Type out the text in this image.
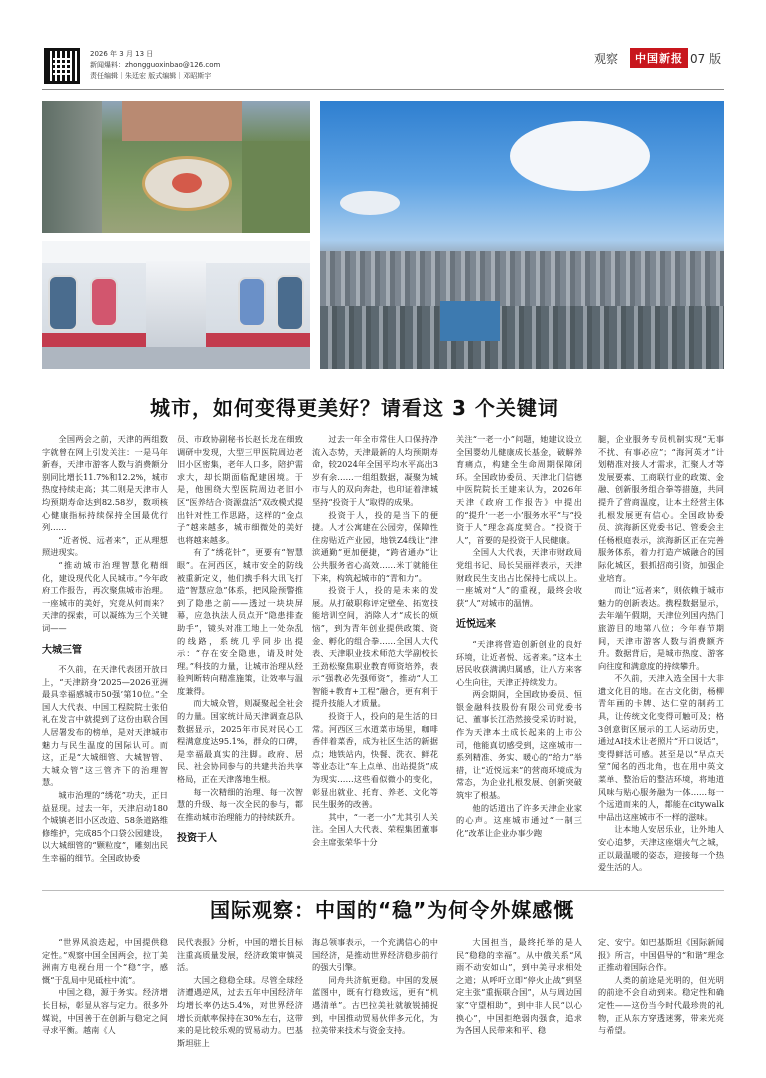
2026 年 3 月 13 日
新闻爆料：zhongguoxinbao@126.com
责任编辑｜朱廷宏 版式编辑｜邓昭斯宇
观察	中国新报 07 版
城市，如何变得更美好？请看这 3 个关键词

全国两会之前，天津的两组数字就曾在网上引发关注：一是马年新春，天津市游客人数与消费额分别同比增长11.7%和12.2%，城市热度持续走高；其二则是天津市人均预期寿命达到82.58岁，数项核心健康指标持续保持全国最优行列……

“近者悦、远者来”，正从理想照进现实。

“推动城市治理智慧化精细化，建设现代化人民城市。”今年政府工作报告，再次聚焦城市治理。一座城市的美好，究竟从何而来？天津的探索，可以凝练为三个关键词——

大城三管

不久前，在天津代表团开放日上，“天津跻身‘2025—2026亚洲最具幸福感城市50强’第10位。”全国人大代表、中国工程院院士张伯礼在发言中就提到了这份由联合国人居署发布的榜单，是对天津城市魅力与民生温度的国际认可。而这，正是“大城细管、大城智管、大城众管”这三管齐下的治理智慧。

城市治理的“绣花”功夫，正日益显现。过去一年，天津启动180个城镇老旧小区改造、58条道路维修维护，完成85个口袋公园建设，以大城细管的“颗粒度”，雕刻出民生幸福的细节。全国政协委

员、市政协副秘书长赵长龙在细致调研中发现，大型三甲医院周边老旧小区密集，老年人口多，陪护需求大，却长期面临配建困境。于是，他围绕大型医院周边老旧小区“医养结合·资源盘活”双改模式提出针对性工作思路，这样的“金点子”越来越多，城市细微处的美好也将越来越多。

有了“绣花针”，更要有“智慧眼”。在河西区，城市安全的防线被重新定义，他们携手科大讯飞打造“智慧应急”体系，把风险预警推到了隐患之前——透过一块块屏幕，应急执法人员点开“隐患排查助手”，镜头对准工地上一处杂乱的线路，系统几乎同步出提示：“存在安全隐患，请及时处理。”科技的力量，让城市治理从经验判断转向精准施策，让效率与温度兼得。

而大城众管，则凝聚起全社会的力量。国家统计局天津调查总队数据显示，2025年市民对民心工程满意度达95.1%，群众的口碑，是幸福最真实的注脚。政府、居民、社会协同参与的共建共治共享格局，正在天津落地生根。

每一次精细的治理、每一次智慧的升级、每一次全民的参与，都在推动城市治理能力的持续跃升。

投资于人

过去一年全市常住人口保持净流入态势，天津最新的人均预期寿命，较2024年全国平均水平高出3岁有余……一组组数据，凝聚为城市与人的双向奔赴，也印证着津城坚持“投资于人”取得的成果。

投资于人，投的是当下的便捷。人才公寓建在公园旁，保障性住房贴近产业园，地铁Z4线让“津滨通勤”更加便捷，“跨省通办”让公共服务省心高效……米丁就能住下来，构筑起城市的“青和力”。

投资于人，投的是未来的发展。从打破职称评定壁垒、拓宽技能培训空间，消除人才“成长的烦恼”，到为青年创业提供政策、资金、孵化的组合拳……全国人大代表、天津职业技术师范大学副校长王劲松聚焦职业教育师资培养，表示“强教必先强师资”，推动“人工智能+教育+工程”融合，更有利于提升技能人才质量。

投资于人，投向的是生活的日常。河西区三水道菜市场里，咖啡香伴着菜香，成为社区生活的新据点；地铁站内，快餐、洗衣、鲜花等业态让“车上点单、出站提货”成为现实……这些看似微小的变化，彰显出就业、托育、养老、文化等民生服务的改善。

其中，“一老一小”尤其引人关注。全国人大代表、荣程集团董事会主席张荣华十分

关注“一老一小”问题，她建议设立全国婴幼儿健康成长基金，破解养育痛点，构建全生命周期保障闭环。全国政协委员、天津北门信德中医院院长王建来认为，2026年天津《政府工作报告》中提出的“提升‘一老一小’服务水平”与“投资于人”理念高度契合。“投资于人”，首要的是投资于人民健康。

全国人大代表，天津市财政局党组书记、局长吴丽祥表示，天津财政民生支出占比保持七成以上。一座城对“人”的重视，最终会收获“人”对城市的温情。

近悦远来

“天津将营造创新创业的良好环境，让近者悦、远者来。”这本土居民收获满满归属感，让八方来客心生向往，天津正持续发力。

两会期间，全国政协委员、恒银金融科技股份有限公司党委书记、董事长江浩然接受采访时说，作为天津本土成长起来的上市公司，他能真切感受到，这座城市一系列精准、务实、暖心的“给力”举措，让“近悦远来”的营商环境成为常态，为企业扎根发展、创新突破筑牢了根基。

他的话道出了许多天津企业家的心声。这座城市通过“一制三化”改革让企业办事少跑

腿，企业服务专员机制实现“无事不扰、有事必应”；“海河英才”计划精准对接人才需求，汇聚人才等发展要素、工商联行业的政策、金融、创新服务组合拳等措施，共同提升了营商温度，让本土经营主体扎根发展更有信心。全国政协委员、滨海新区党委书记、管委会主任杨根庭表示，滨海新区正在完善服务体系，着力打造产城融合的国际化城区，狠抓招商引资，加强企业培育。

而让“远者来”，则依赖于城市魅力的创新表达。携程数据显示，去年端午假期，天津位列国内热门旅游目的地第八位；今年春节期间，天津市游客人数与消费额齐升。数据背后，是城市热度、游客向往度和满意度的持续攀升。

不久前，天津入选全国十大非遗文化目的地。在古文化街，杨柳青年画的卡牌、达仁堂的制药工具，让传统文化变得可触可及；格3创意街区展示的工人运动历史，通过AI技术让老照片“开口说话”，变得鲜活可感。甚至是以“早点天堂”闻名的西北角，也在用中英文菜单、整治后的整洁环境，将地道风味与贴心服务融为一体……每一个远道而来的人，都能在citywalk中品出这座城市不一样的滋味。

让本地人安居乐业，让外地人安心追梦，天津这座烟火气之城，正以最温暖的姿态，迎接每一个热爱生活的人。

国际观察：中国的“稳”为何令外媒感慨

“世界风浪迭起，中国提供稳定性。”观察中国全国两会，拉丁美洲南方电视台用一个“稳”字，感慨“于乱局中见砥柱中流”。

中国之稳，源于务实。经济增长目标，彰显从容与定力。很多外媒说，中国善于在创新与稳定之间寻求平衡。越南《人

民代表报》分析，中国的增长目标注重高质量发展，经济政策审慎灵活。

大国之稳稳全球。尽管全球经济遭遇逆风，过去五年中国经济年均增长率仍达5.4%，对世界经济增长贡献率保持在30%左右，这带来的是比较乐观的贸易动力。巴基斯坦驻上

海总领事表示，一个充满信心的中国经济，是推动世界经济稳步前行的强大引擎。

同舟共济航更稳。中国的发展蓝图中，既有行稳致远，更有“机遇清单”。古巴拉美社就敏锐捕捉到，中国推动贸易伙伴多元化，为拉美带来技术与资金支持。

大国担当，最终托举的是人民“稳稳的幸福”。从中俄关系“风雨不动安如山”，到中美寻求相处之道；从呼吁立即“停火止战”到坚定主张“重振联合国”，从与周边国家“守望相助”，到中非人民“以心换心”，中国拒绝弱肉强食，追求为各国人民带来和平、稳

定、安宁。如巴基斯坦《国际新闻报》所言，中国倡导的“和谐”理念正推动着国际合作。

人类的前途是光明的，但光明的前途不会自动到来。稳定性和确定性——这份当今时代最珍贵的礼物，正从东方穿透迷雾，带来光亮与希望。
